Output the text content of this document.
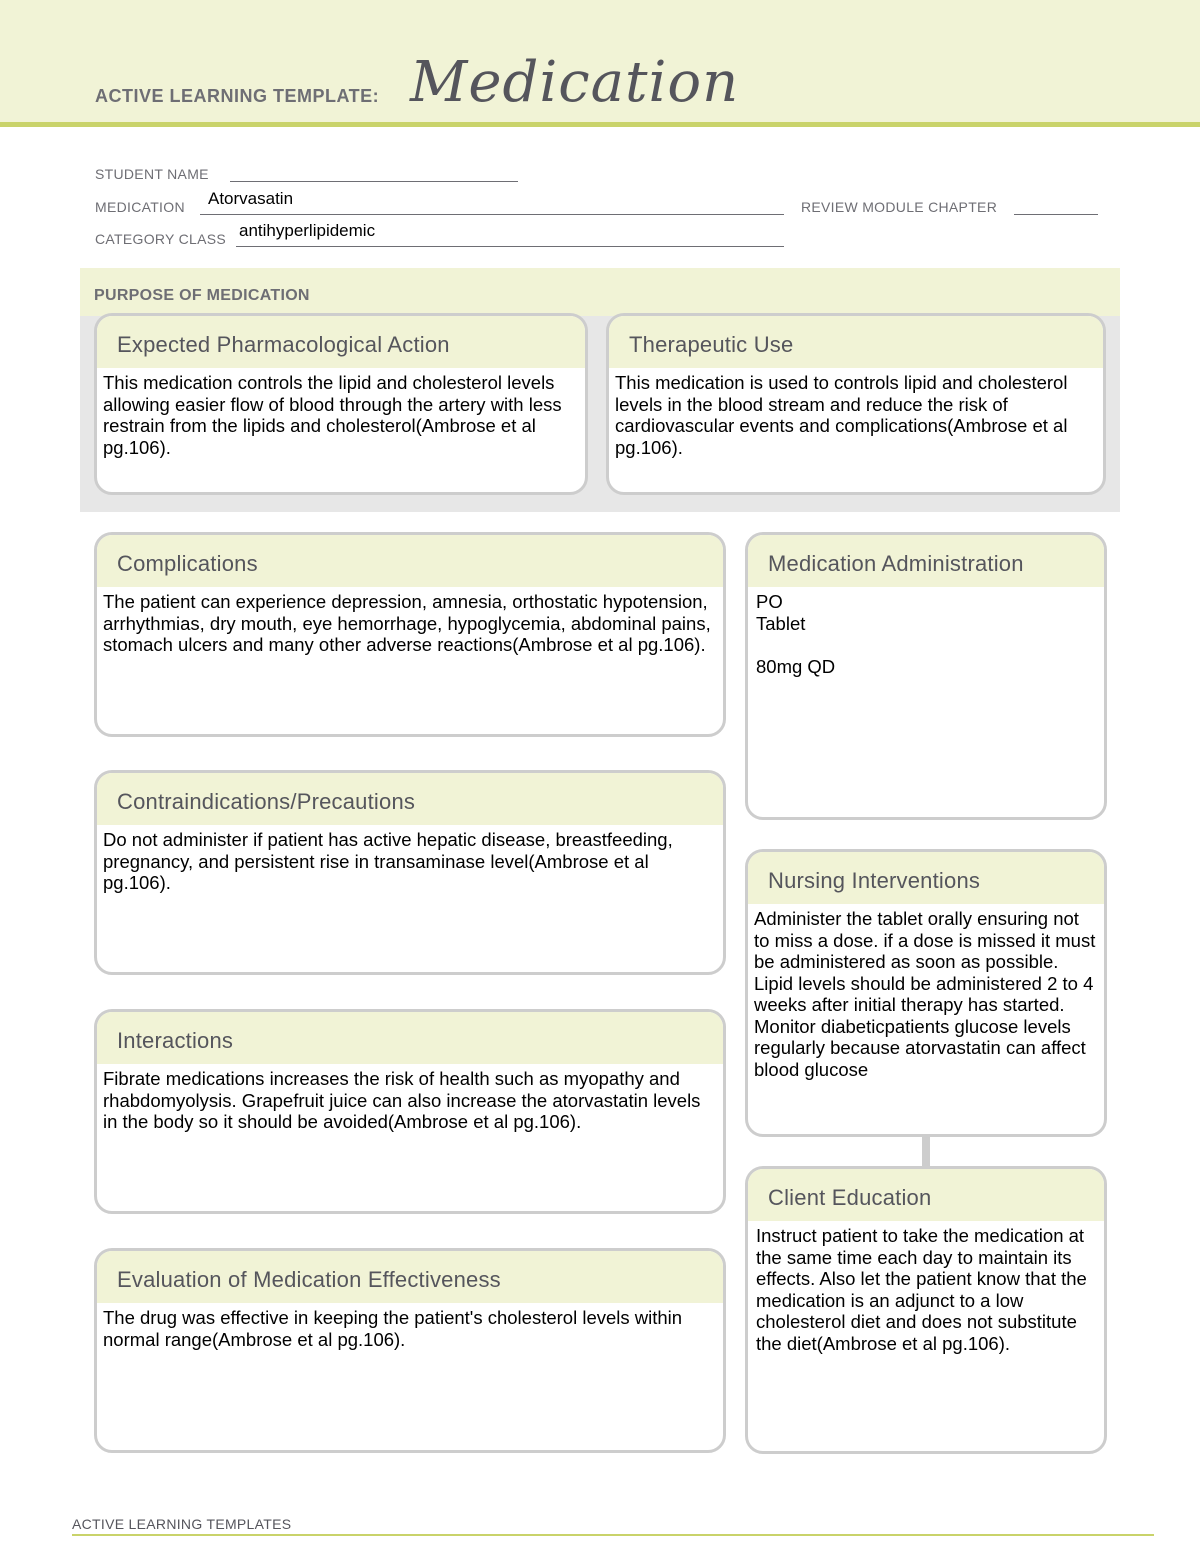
ACTIVE LEARNING TEMPLATE: Medication
STUDENT NAME
MEDICATION Atorvasatin	REVIEW MODULE CHAPTER
CATEGORY CLASS antihyperlipidemic
PURPOSE OF MEDICATION
Expected Pharmacological Action
This medication controls the lipid and cholesterol levels
allowing easier flow of blood through the artery with less restrain from the lipids and cholesterol(Ambrose et al pg.106).
Therapeutic Use
This medication is used to controls lipid and cholesterol levels in the blood stream and reduce the risk of cardiovascular events and complications(Ambrose et al pg.106).
Complications
The patient can experience depression, amnesia, orthostatic hypotension, arrhythmias, dry mouth, eye hemorrhage, hypoglycemia, abdominal pains, stomach ulcers and many other adverse reactions(Ambrose et al pg.106).
Contraindications/Precautions
Do not administer if patient has active hepatic disease, breastfeeding, pregnancy, and persistent rise in transaminase level(Ambrose et al pg.106).
Interactions
Fibrate medications increases the risk of health such as myopathy and rhabdomyolysis. Grapefruit juice can also increase the atorvastatin levels in the body so it should be avoided(Ambrose et al pg.106).
Evaluation of Medication Effectiveness
The drug was effective in keeping the patient's cholesterol levels within normal range(Ambrose et al pg.106).
Medication Administration
PO
Tablet

80mg QD
Nursing Interventions
Administer the tablet orally ensuring not to miss a dose. if a dose is missed it must be administered as soon as possible. Lipid levels should be administered 2 to 4 weeks after initial therapy has started. Monitor diabeticpatients glucose levels regularly because atorvastatin can affect blood glucose
Client Education
Instruct patient to take the medication at the same time each day to maintain its effects. Also let the patient know that the medication is an adjunct to a low cholesterol diet and does not substitute the diet(Ambrose et al pg.106).
ACTIVE LEARNING TEMPLATES
